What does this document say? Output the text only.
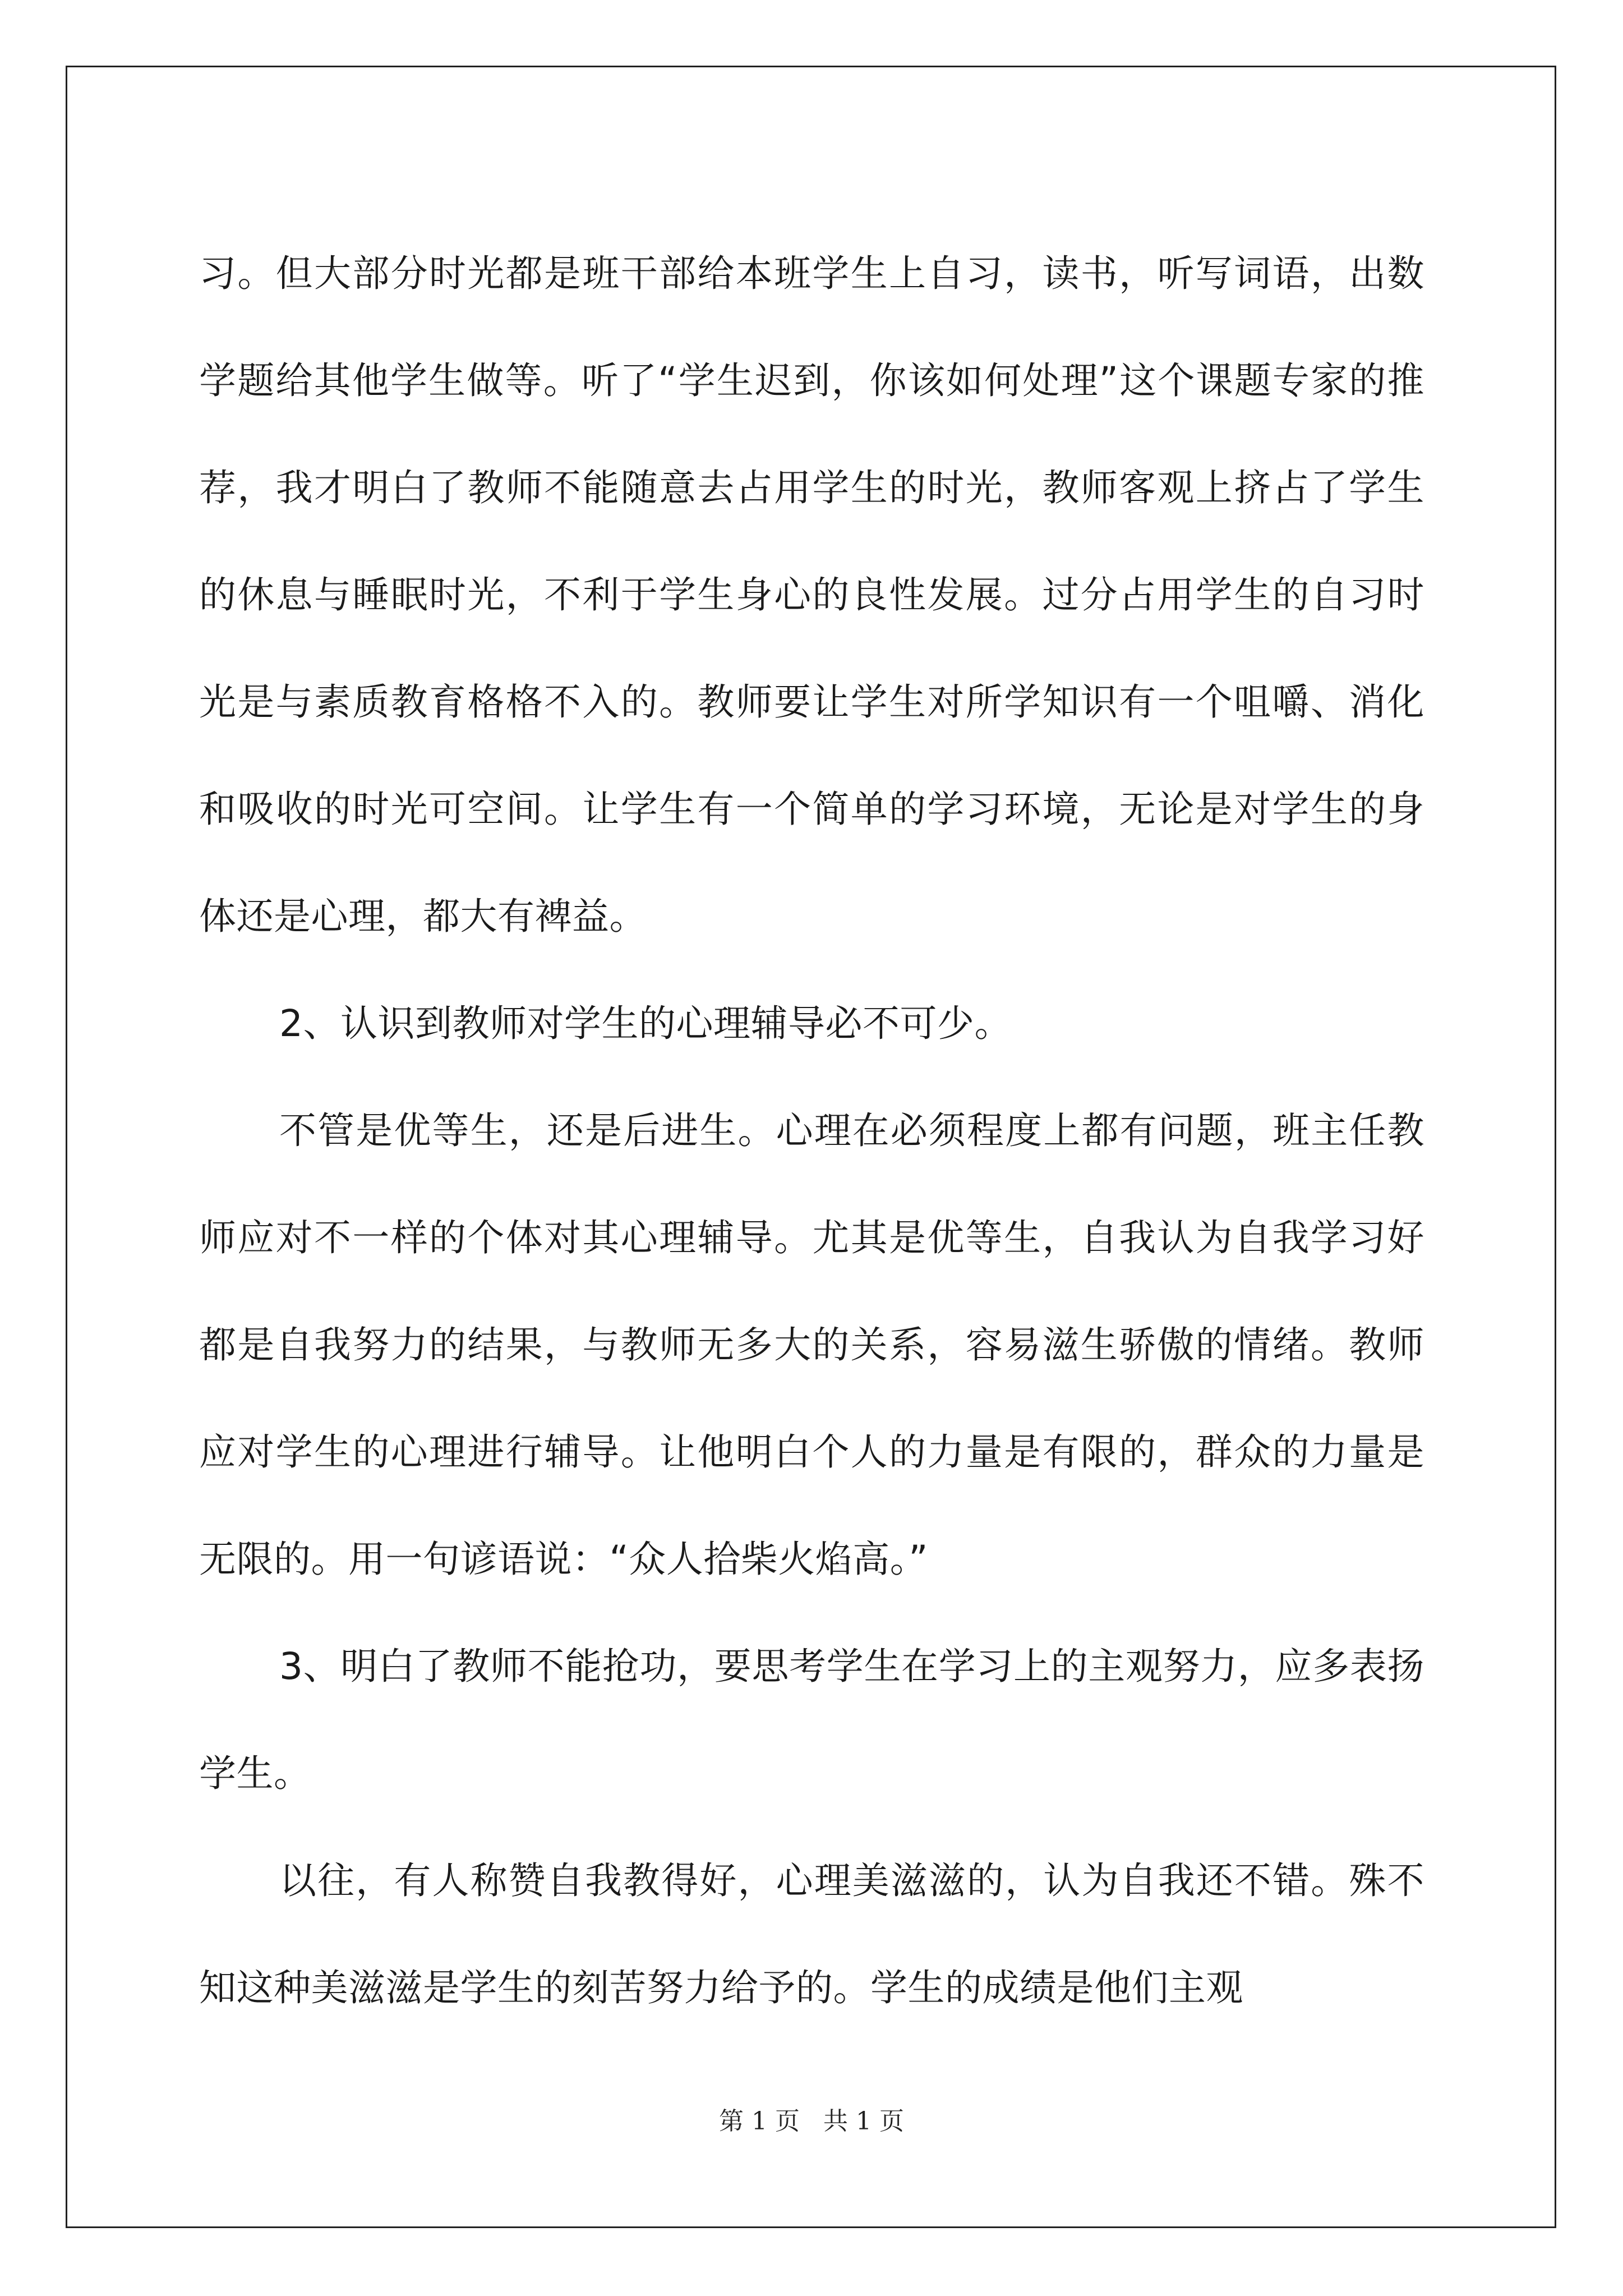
习。但大部分时光都是班干部给本班学生上自习，读书，听写词语，出数学题给其他学生做等。听了“学生迟到，你该如何处理”这个课题专家的推荐，我才明白了教师不能随意去占用学生的时光，教师客观上挤占了学生的休息与睡眠时光，不利于学生身心的良性发展。过分占用学生的自习时光是与素质教育格格不入的。教师要让学生对所学知识有一个咀嚼、消化和吸收的时光可空间。让学生有一个简单的学习环境，无论是对学生的身体还是心理，都大有裨益。

2、认识到教师对学生的心理辅导必不可少。

不管是优等生，还是后进生。心理在必须程度上都有问题，班主任教师应对不一样的个体对其心理辅导。尤其是优等生，自我认为自我学习好都是自我努力的结果，与教师无多大的关系，容易滋生骄傲的情绪。教师应对学生的心理进行辅导。让他明白个人的力量是有限的，群众的力量是无限的。用一句谚语说：“众人拾柴火焰高。”

3、明白了教师不能抢功，要思考学生在学习上的主观努力，应多表扬学生。

以往，有人称赞自我教得好，心理美滋滋的，认为自我还不错。殊不知这种美滋滋是学生的刻苦努力给予的。学生的成绩是他们主观

第 1 页   共 1 页
